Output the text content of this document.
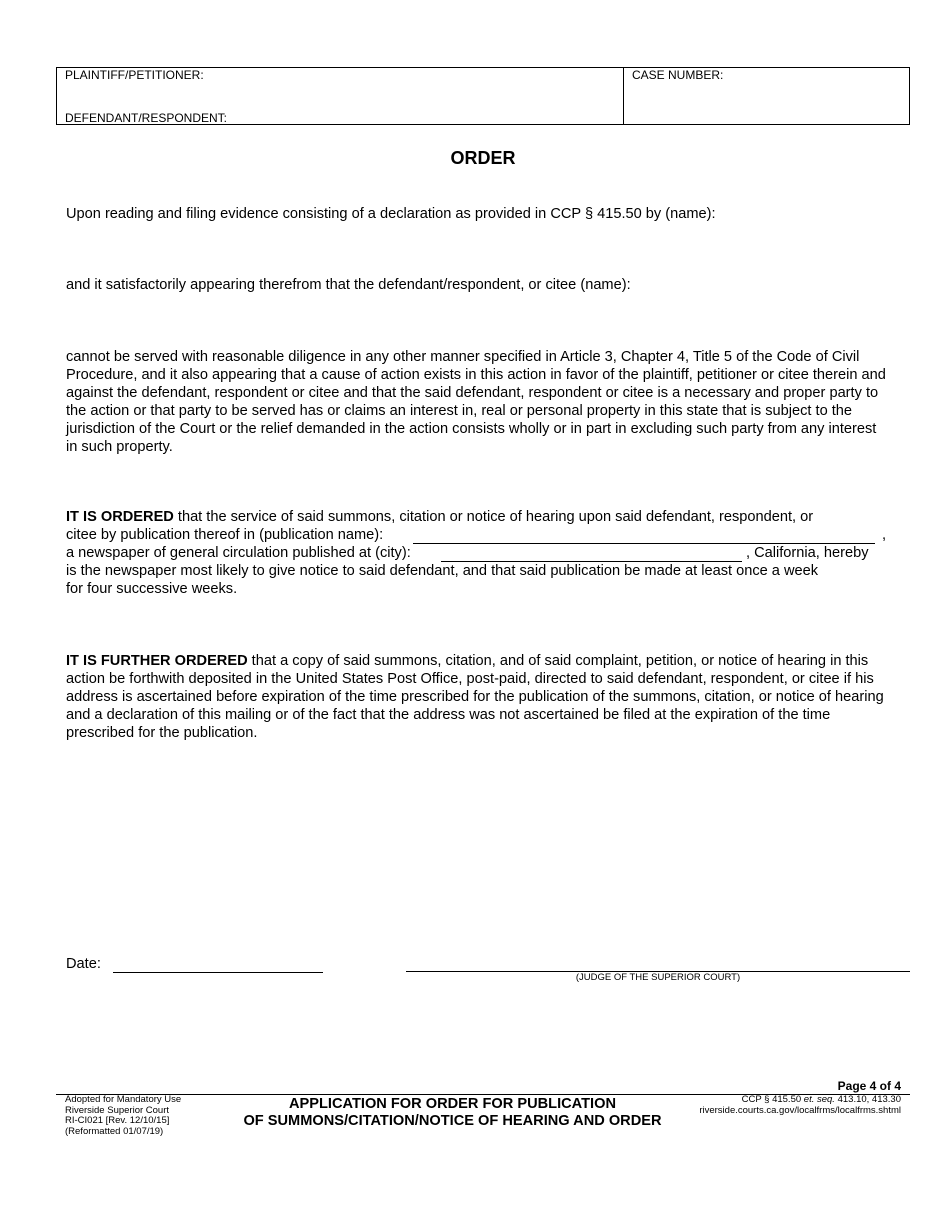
PLAINTIFF/PETITIONER:
DEFENDANT/RESPONDENT:
CASE NUMBER:
ORDER
Upon reading and filing evidence consisting of a declaration as provided in CCP § 415.50 by (name):
and it satisfactorily appearing therefrom that the defendant/respondent, or citee (name):
cannot be served with reasonable diligence in any other manner specified in Article 3, Chapter 4, Title 5 of the Code of Civil Procedure, and it also appearing that a cause of action exists in this action in favor of the plaintiff, petitioner or citee therein and against the defendant, respondent or citee and that the said defendant, respondent or citee is a necessary and proper party to the action or that party to be served has or claims an interest in, real or personal property in this state that is subject to the jurisdiction of the Court or the relief demanded in the action consists wholly or in part in excluding such party from any interest in such property.
IT IS ORDERED that the service of said summons, citation or notice of hearing upon said defendant, respondent, or
citee by publication thereof in (publication name):	,
a newspaper of general circulation published at (city):	, California, hereby
is the newspaper most likely to give notice to said defendant, and that said publication be made at least once a week
for four successive weeks.
IT IS FURTHER ORDERED that a copy of said summons, citation, and of said complaint, petition, or notice of hearing in this action be forthwith deposited in the United States Post Office, post-paid, directed to said defendant, respondent, or citee if his address is ascertained before expiration of the time prescribed for the publication of the summons, citation, or notice of hearing and a declaration of this mailing or of the fact that the address was not ascertained be filed at the expiration of the time prescribed for the publication.
Date:
(JUDGE OF THE SUPERIOR COURT)
Page 4 of 4
Adopted for Mandatory Use
Riverside Superior Court
RI-CI021 [Rev. 12/10/15]
(Reformatted 01/07/19)
APPLICATION FOR ORDER FOR PUBLICATION
OF SUMMONS/CITATION/NOTICE OF HEARING AND ORDER
CCP § 415.50 et. seq. 413.10, 413.30
riverside.courts.ca.gov/localfrms/localfrms.shtml
